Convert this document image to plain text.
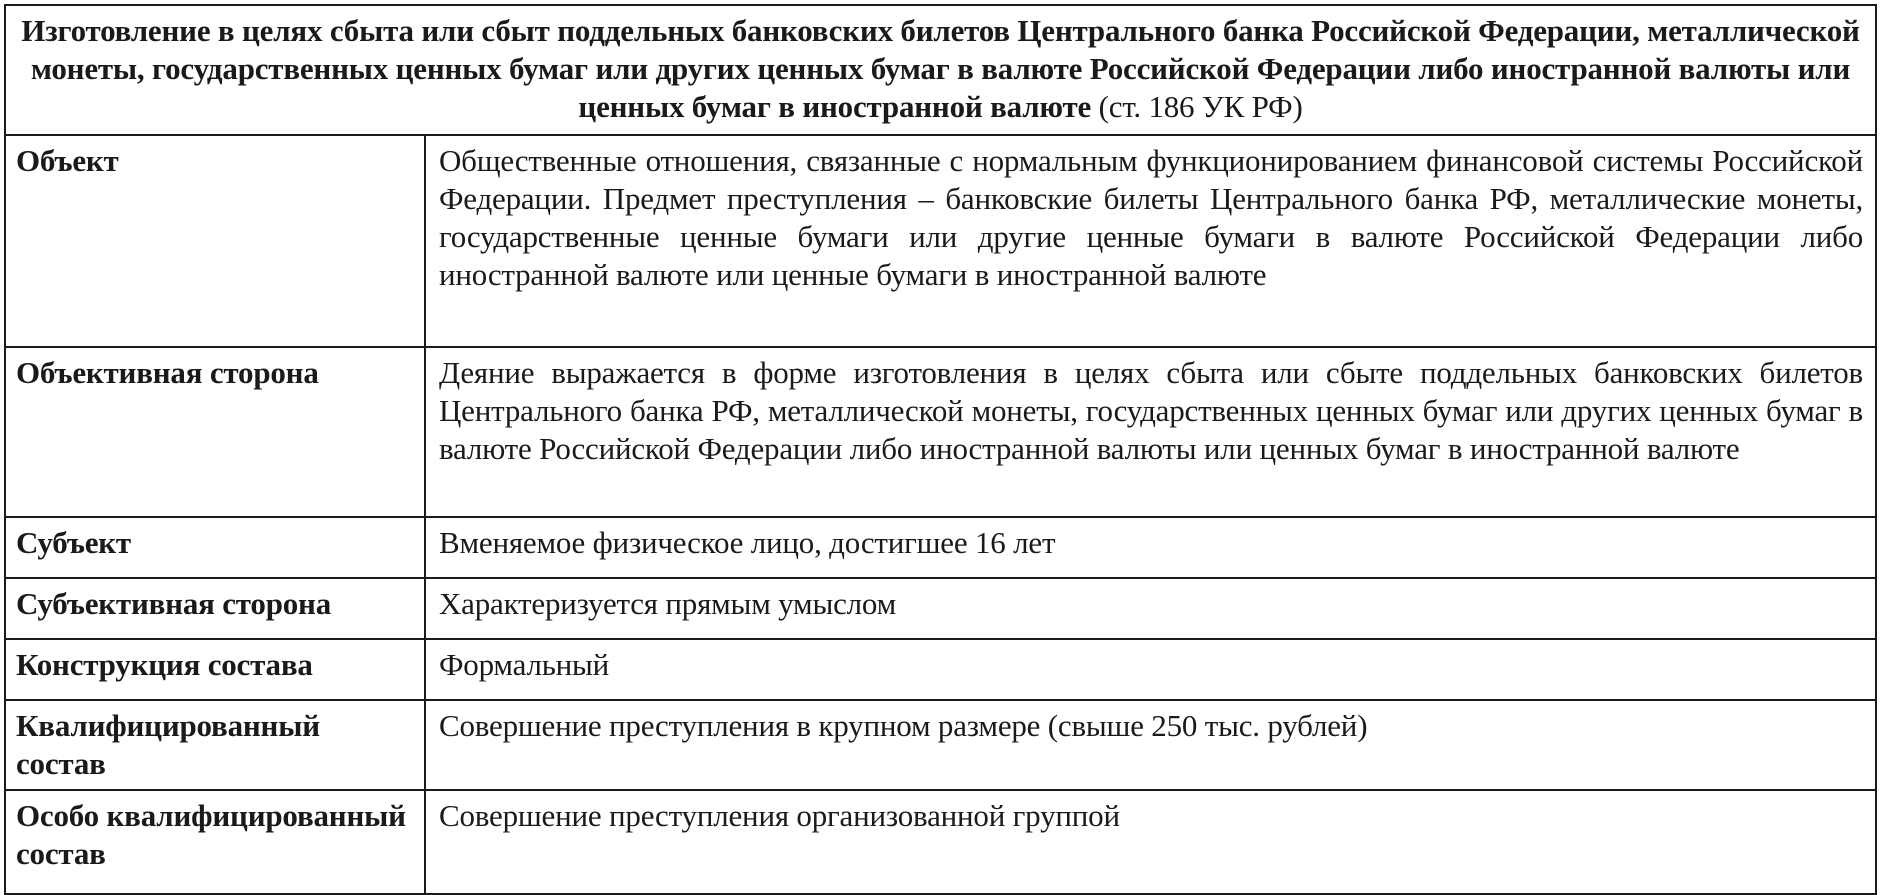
Изготовление в целях сбыта или сбыт поддельных банковских билетов Центрального банка Российской Федерации, металлической монеты, государственных ценных бумаг или других ценных бумаг в валюте Российской Федерации либо иностранной валюты или ценных бумаг в иностранной валюте (ст. 186 УК РФ)	
Объект	Общественные отношения, связанные с нормальным функционированием финансовой системы Российской Федерации. Предмет преступления – банковские билеты Центрального банка РФ, металлические монеты, государственные ценные бумаги или другие ценные бумаги в валюте Российской Федерации либо иностранной валюте или ценные бумаги в иностранной валюте
Объективная сторона	Деяние выражается в форме изготовления в целях сбыта или сбыте поддельных банковских билетов Центрального банка РФ, металлической монеты, государственных ценных бумаг или других ценных бумаг в валюте Российской Федерации либо иностранной валюты или ценных бумаг в иностранной валюте
Субъект	Вменяемое физическое лицо, достигшее 16 лет
Субъективная сторона	Характеризуется прямым умыслом
Конструкция состава	Формальный
Квалифицированный состав	Совершение преступления в крупном размере (свыше 250 тыс. рублей)
Особо квалифицированный состав	Совершение преступления организованной группой
